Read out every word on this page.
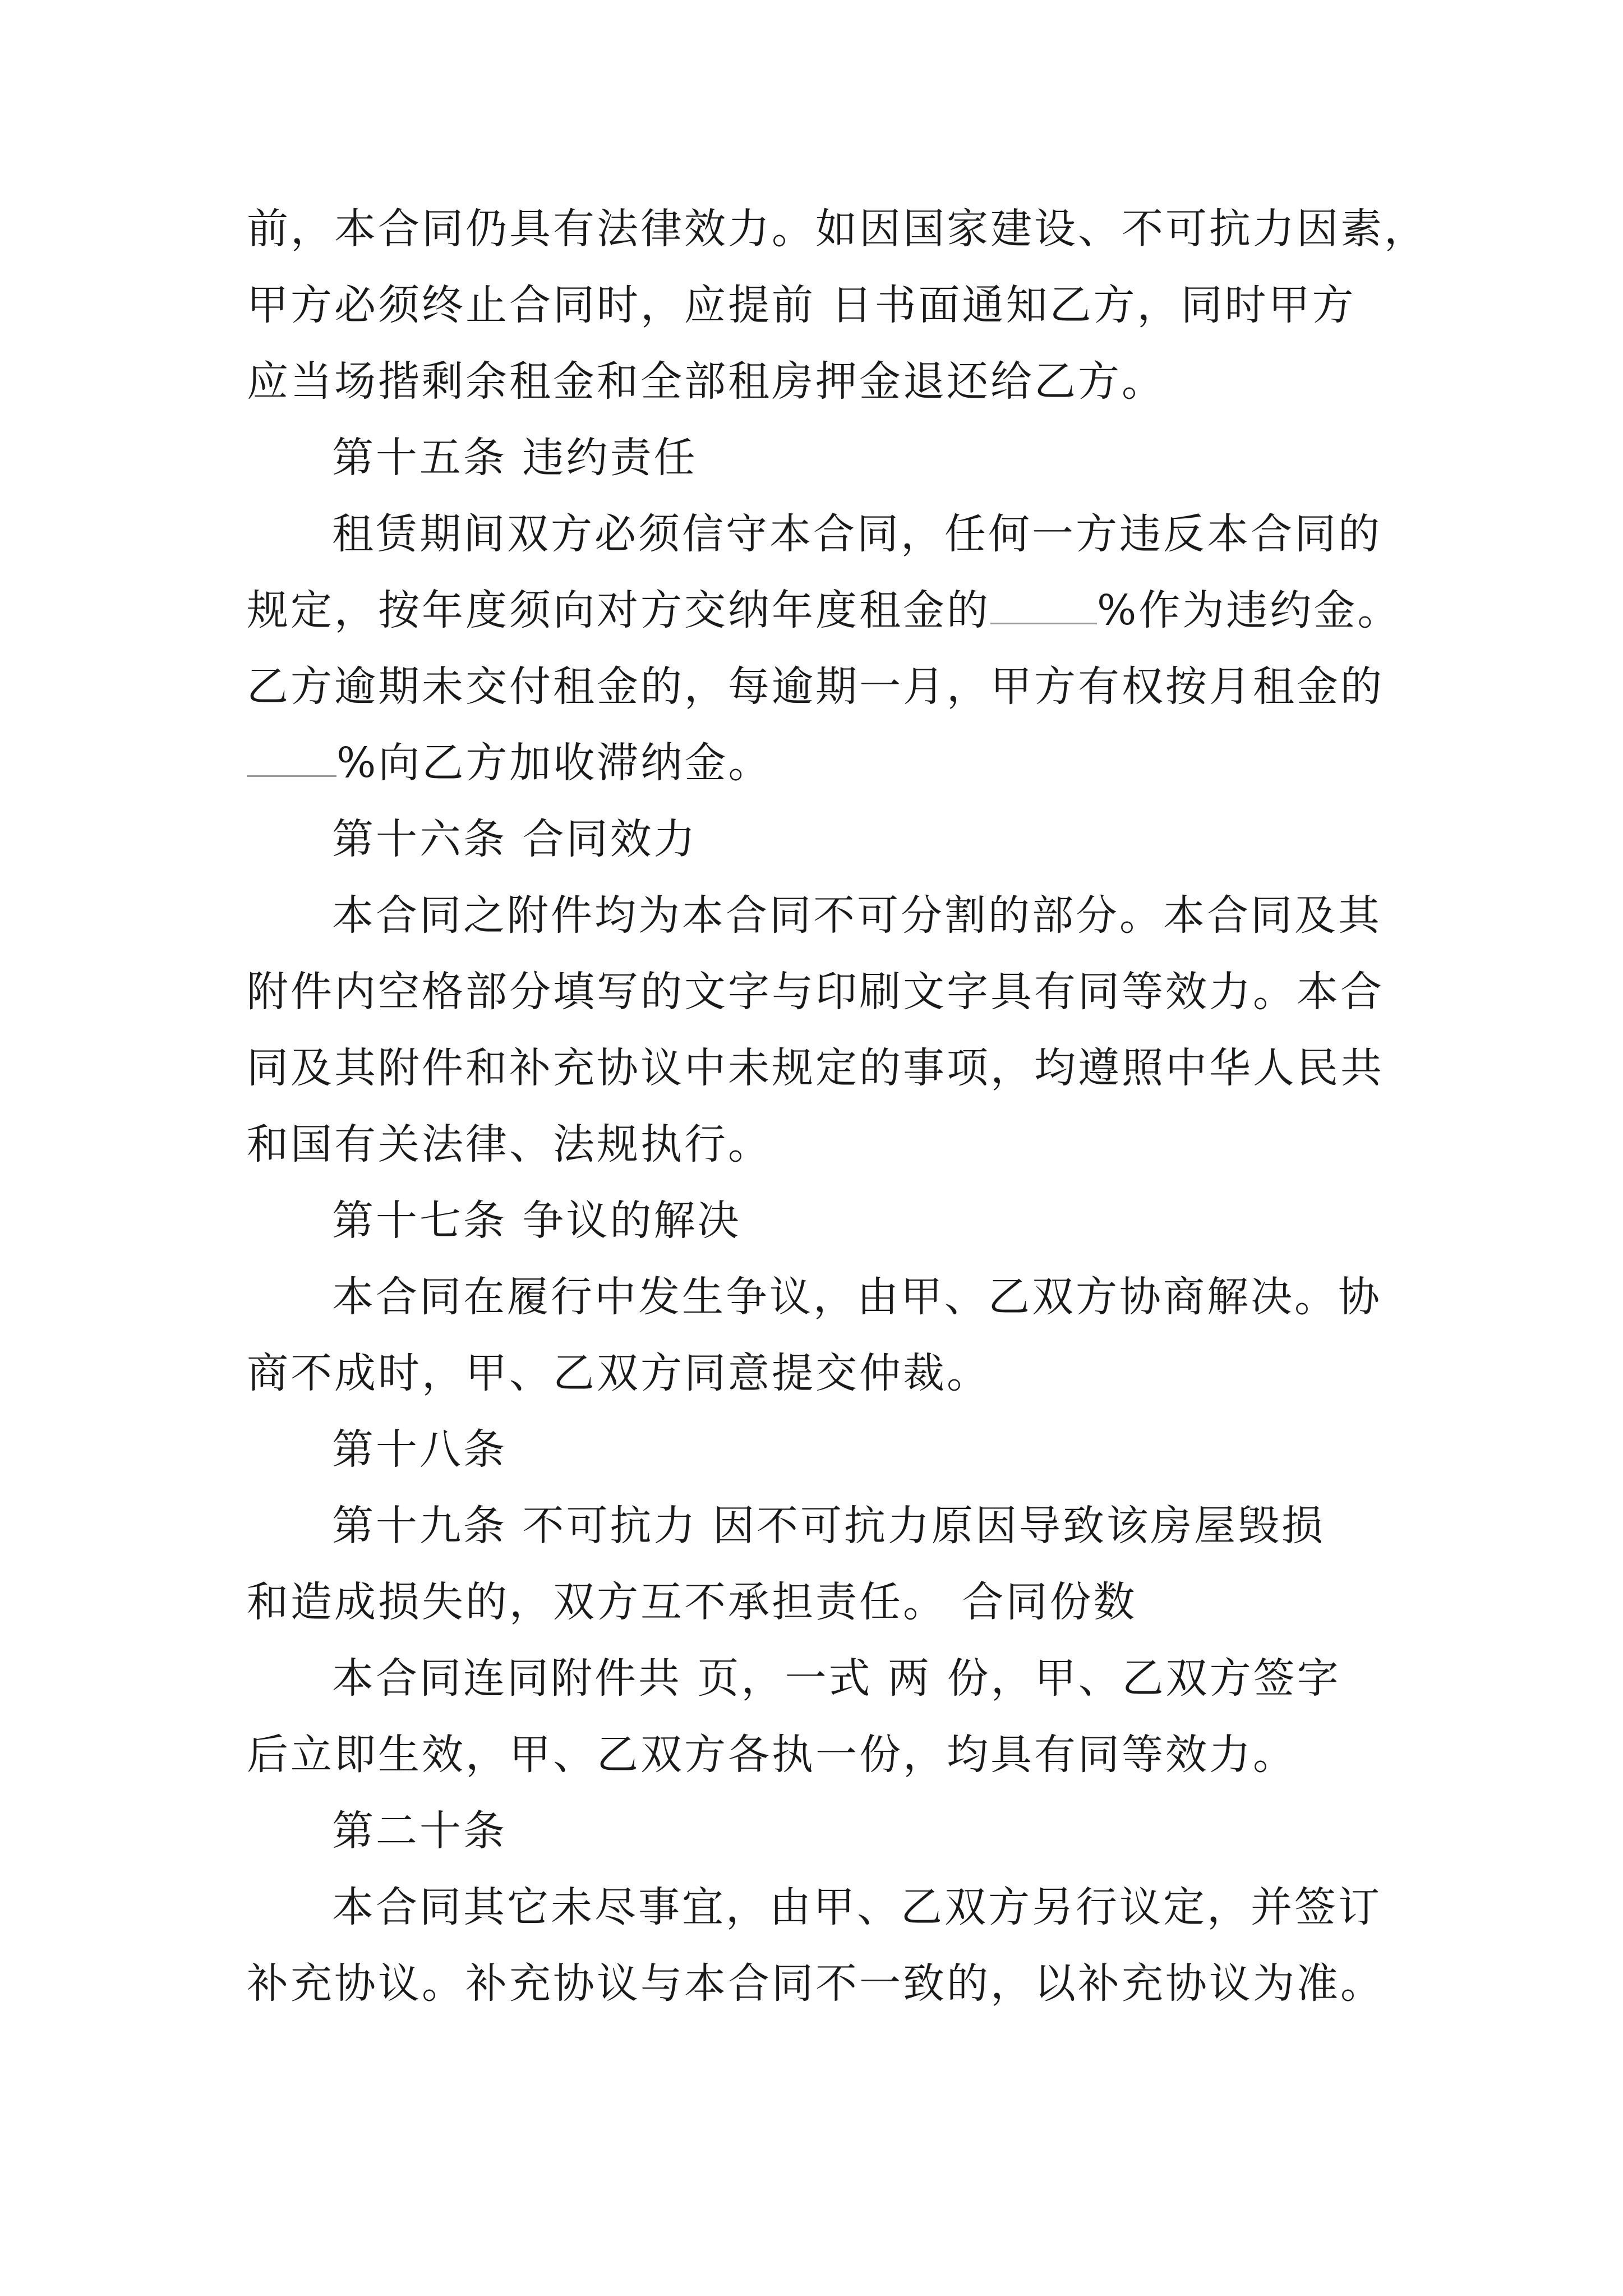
前，本合同仍具有法律效力。如因国家建设、不可抗力因素，
甲方必须终止合同时，应提前 日书面通知乙方，同时甲方
应当场揩剩余租金和全部租房押金退还给乙方。
第十五条 违约责任
租赁期间双方必须信守本合同，任何一方违反本合同的
规定，按年度须向对方交纳年度租金的	%作为违约金。
乙方逾期未交付租金的，每逾期一月，甲方有权按月租金的
%向乙方加收滞纳金。
第十六条 合同效力
本合同之附件均为本合同不可分割的部分。本合同及其
附件内空格部分填写的文字与印刷文字具有同等效力。本合
同及其附件和补充协议中未规定的事项，均遵照中华人民共
和国有关法律、法规执行。
第十七条 争议的解决
本合同在履行中发生争议，由甲、乙双方协商解决。协
商不成时，甲、乙双方同意提交仲裁。
第十八条
第十九条 不可抗力 因不可抗力原因导致该房屋毁损
和造成损失的，双方互不承担责任。 合同份数
本合同连同附件共 页，一式 两 份，甲、乙双方签字
后立即生效，甲、乙双方各执一份，均具有同等效力。
第二十条
本合同其它未尽事宜，由甲、乙双方另行议定，并签订
补充协议。补充协议与本合同不一致的，以补充协议为准。
